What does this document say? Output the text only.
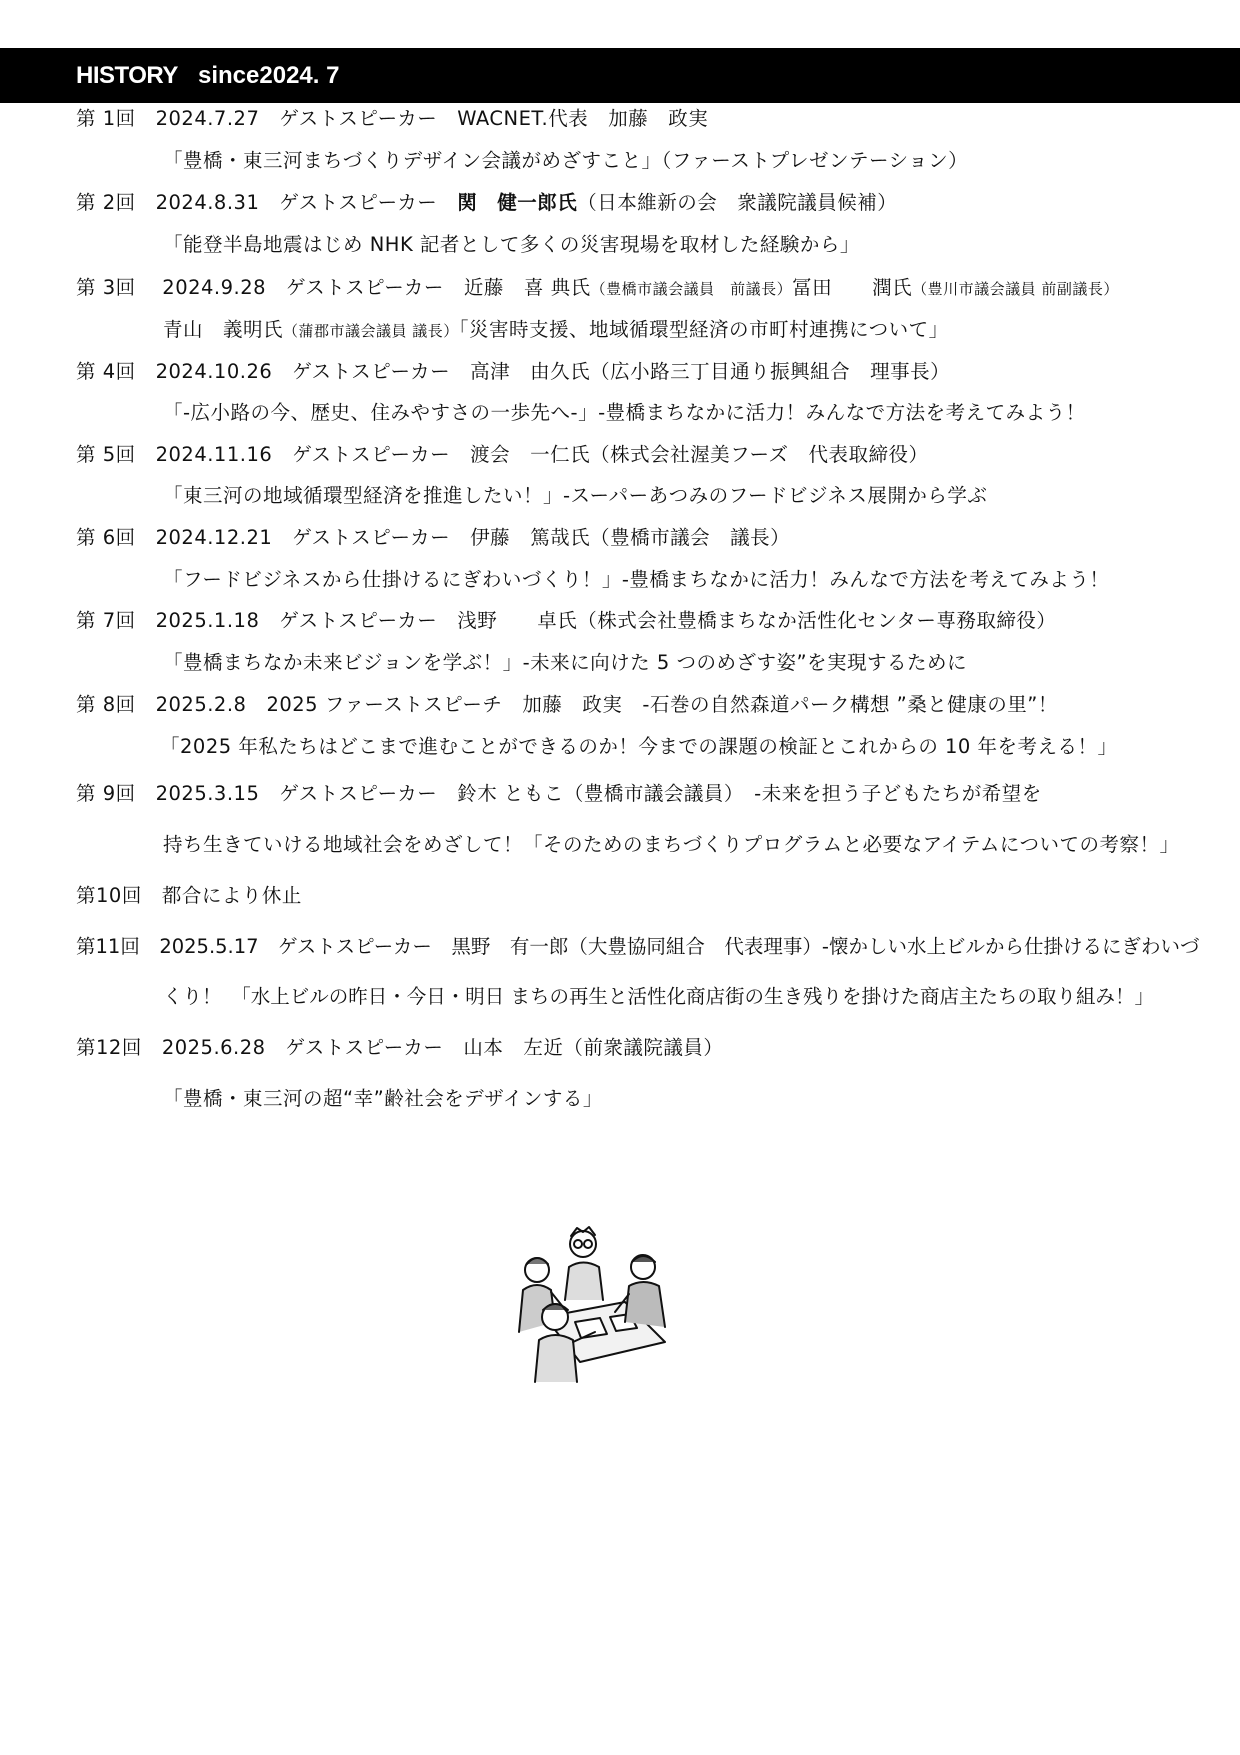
HISTORY since2024. 7
第 1回　2024.7.27　ゲストスピーカー　WACNET.代表　加藤　政実
「豊橋・東三河まちづくりデザイン会議がめざすこと」（ファーストプレゼンテーション）
第 2回　2024.8.31　ゲストスピーカー　関　健一郎氏（日本維新の会　衆議院議員候補）
「能登半島地震はじめ NHK 記者として多くの災害現場を取材した経験から」
第 3回　 2024.9.28　ゲストスピーカー　近藤　喜 典氏（豊橋市議会議員　前議長）冨田　　潤氏（豊川市議会議員 前副議長）
青山　義明氏（蒲郡市議会議員 議長）「災害時支援、地域循環型経済の市町村連携について」
第 4回　2024.10.26　ゲストスピーカー　高津　由久氏（広小路三丁目通り振興組合　理事長）
「-広小路の今、歴史、住みやすさの一歩先へ-」-豊橋まちなかに活力！みんなで方法を考えてみよう！
第 5回　2024.11.16　ゲストスピーカー　渡会　一仁氏（株式会社渥美フーズ　代表取締役）
「東三河の地域循環型経済を推進したい！」-スーパーあつみのフードビジネス展開から学ぶ
第 6回　2024.12.21　ゲストスピーカー　伊藤　篤哉氏（豊橋市議会　議長）
「フードビジネスから仕掛けるにぎわいづくり！」-豊橋まちなかに活力！みんなで方法を考えてみよう！
第 7回　2025.1.18　ゲストスピーカー　浅野　　卓氏（株式会社豊橋まちなか活性化センター専務取締役）
「豊橋まちなか未来ビジョンを学ぶ！」-未来に向けた 5 つのめざす姿”を実現するために
第 8回　2025.2.8　2025 ファーストスピーチ　加藤　政実　-石巻の自然森道パーク構想 ”桑と健康の里”！
「2025 年私たちはどこまで進むことができるのか！今までの課題の検証とこれからの 10 年を考える！」
第 9回　2025.3.15　ゲストスピーカー　鈴木 ともこ（豊橋市議会議員）　-未来を担う子どもたちが希望を
持ち生きていける地域社会をめざして！「そのためのまちづくりプログラムと必要なアイテムについての考察！」
第10回　都合により休止
第11回　2025.5.17　ゲストスピーカー　黒野　有一郎（大豊協同組合　代表理事）-懐かしい水上ビルから仕掛けるにぎわいづ
くり！　「水上ビルの昨日・今日・明日 まちの再生と活性化商店街の生き残りを掛けた商店主たちの取り組み！」
第12回　2025.6.28　ゲストスピーカー　山本　左近（前衆議院議員）
「豊橋・東三河の超“幸”齢社会をデザインする」
